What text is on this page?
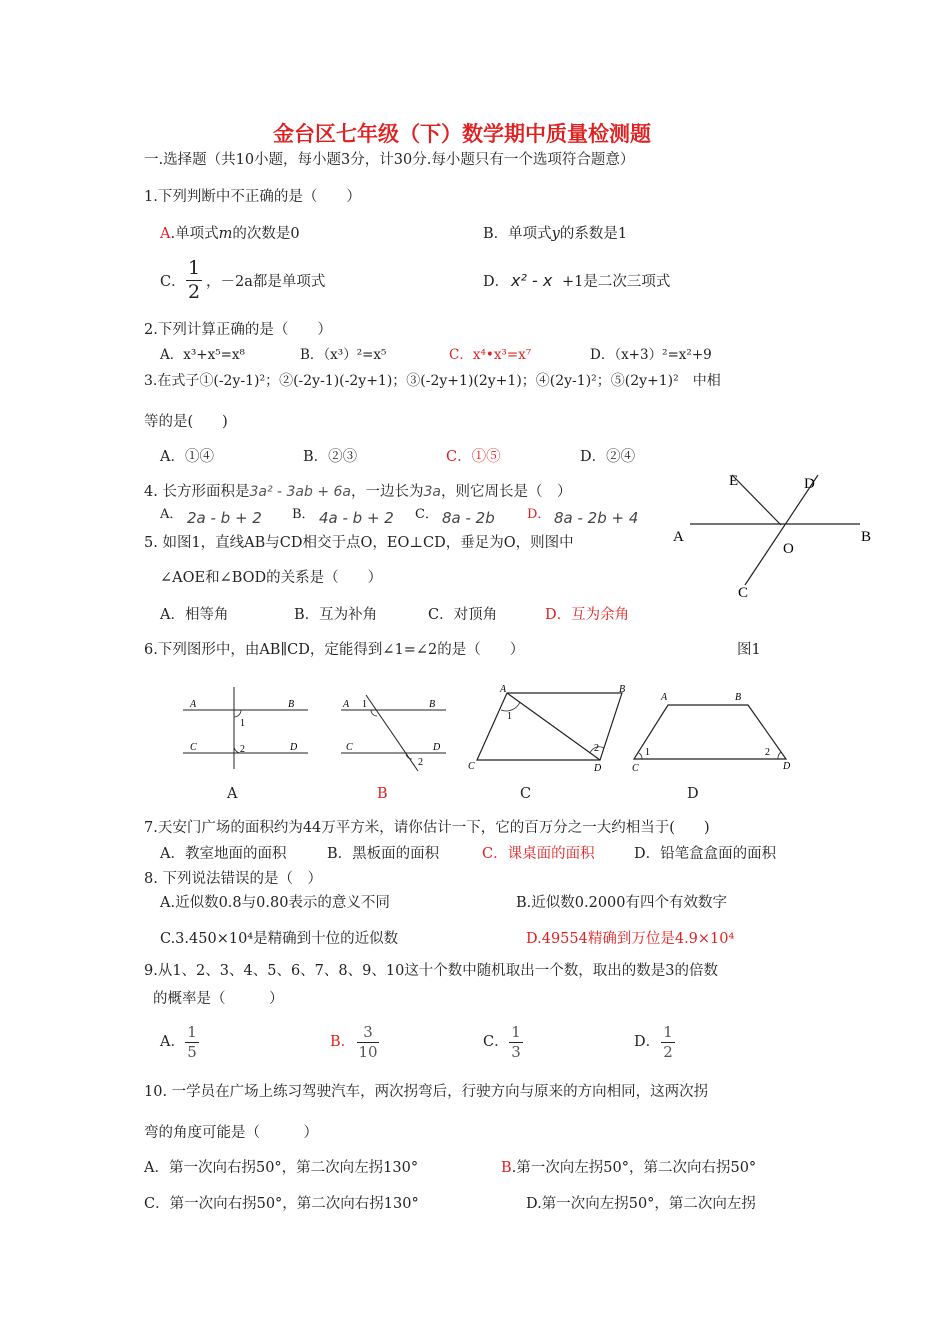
金台区七年级（下）数学期中质量检测题
一.选择题（共10小题，每小题3分，计30分.每小题只有一个选项符合题意）
1.下列判断中不正确的是（　　）
A.单项式m的次数是0	B．单项式y的系数是1
C．
1
2 ，－2a都是单项式	D． x² - x +1是二次三项式
2.下列计算正确的是（　　）
A．x³+x⁵=x⁸	B．（x³）²=x⁵	C．x⁴•x³=x⁷	D．（x+3）²=x²+9
3.在式子①(-2y-1)²；②(-2y-1)(-2y+1)；③(-2y+1)(2y+1)；④(2y-1)²；⑤(2y+1)²　中相
等的是(　　)
A．①④	B．②③	C．①⑤	D．②④
4. 长方形面积是3a² - 3ab + 6a，一边长为3a，则它周长是（　）
A． 2a - b + 2 B． 4a - b + 2 C． 8a - 2b D． 8a - 2b + 4
5. 如图1，直线AB与CD相交于点O，EO⊥CD，垂足为O，则图中
∠AOE和∠BOD的关系是（　　）
A．相等角	B．互为补角	C．对顶角	D．互为余角
E	D
A
O
B
C
图1
6.下列图形中，由AB∥CD，定能得到∠1=∠2的是（　　）
A	B
C	D
1
2
A	B
C	D
1
2
A	B
C	D
1
2
A	B
C	D
1	2
A	B	C	D
7.天安门广场的面积约为44万平方米，请你估计一下，它的百万分之一大约相当于(　　)
A．教室地面的面积	B．黑板面的面积	C．课桌面的面积	D．铅笔盒盒面的面积
8. 下列说法错误的是（　）
A.近似数0.8与0.80表示的意义不同	B.近似数0.2000有四个有效数字
C.3.450×10⁴是精确到十位的近似数	D.49554精确到万位是4.9×10⁴
9.从1、2、3、4、5、6、7、8、9、10这十个数中随机取出一个数，取出的数是3的倍数
的概率是（　　　）
A．
1
5
B．
3
10
C．
1
3
D．
1
2
10. 一学员在广场上练习驾驶汽车，两次拐弯后，行驶方向与原来的方向相同，这两次拐
弯的角度可能是（　　　）
A．第一次向右拐50°，第二次向左拐130°	B.第一次向左拐50°，第二次向右拐50°
C．第一次向右拐50°，第二次向右拐130°	D.第一次向左拐50°，第二次向左拐
